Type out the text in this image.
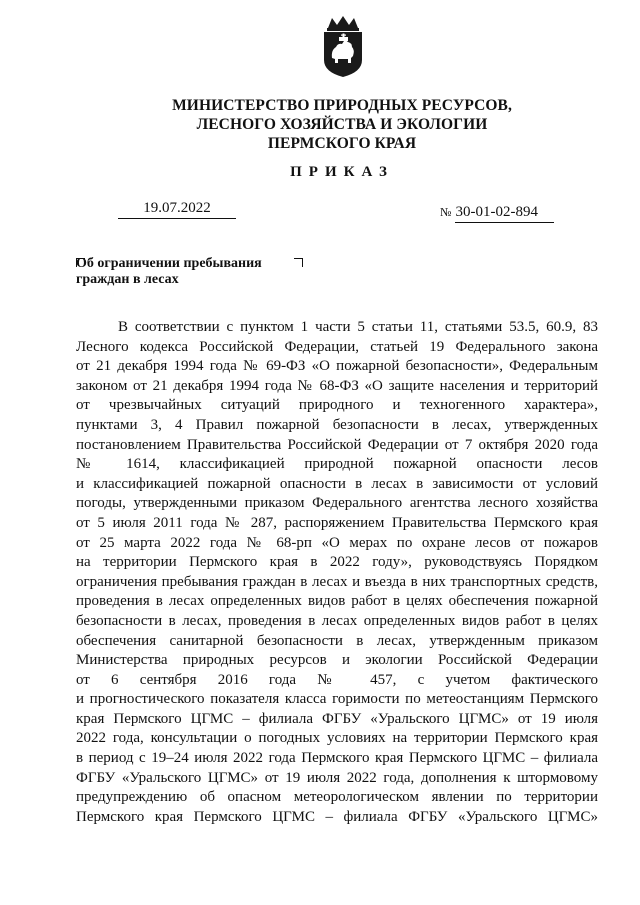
МИНИСТЕРСТВО ПРИРОДНЫХ РЕСУРСОВ,
ЛЕСНОГО ХОЗЯЙСТВА И ЭКОЛОГИИ
ПЕРМСКОГО КРАЯ
ПРИКАЗ
19.07.2022	№ 30-01-02-894
Об ограничении пребывания
граждан в лесах
В соответствии с пунктом 1 части 5 статьи 11, статьями 53.5, 60.9, 83
Лесного кодекса Российской Федерации, статьей 19 Федерального закона
от 21 декабря 1994 года № 69-ФЗ «О пожарной безопасности», Федеральным
законом от 21 декабря 1994 года № 68-ФЗ «О защите населения и территорий
от чрезвычайных ситуаций природного и техногенного характера»,
пунктами 3, 4 Правил пожарной безопасности в лесах, утвержденных
постановлением Правительства Российской Федерации от 7 октября 2020 года
№ 1614, классификацией природной пожарной опасности лесов
и классификацией пожарной опасности в лесах в зависимости от условий
погоды, утвержденными приказом Федерального агентства лесного хозяйства
от 5 июля 2011 года № 287, распоряжением Правительства Пермского края
от 25 марта 2022 года № 68-рп «О мерах по охране лесов от пожаров
на территории Пермского края в 2022 году», руководствуясь Порядком
ограничения пребывания граждан в лесах и въезда в них транспортных средств,
проведения в лесах определенных видов работ в целях обеспечения пожарной
безопасности в лесах, проведения в лесах определенных видов работ в целях
обеспечения санитарной безопасности в лесах, утвержденным приказом
Министерства природных ресурсов и экологии Российской Федерации
от 6 сентября 2016 года № 457, с учетом фактического
и прогностического показателя класса горимости по метеостанциям Пермского
края Пермского ЦГМС – филиала ФГБУ «Уральского ЦГМС» от 19 июля
2022 года, консультации о погодных условиях на территории Пермского края
в период с 19–24 июля 2022 года Пермского края Пермского ЦГМС – филиала
ФГБУ «Уральского ЦГМС» от 19 июля 2022 года, дополнения к штормовому
предупреждению об опасном метеорологическом явлении по территории
Пермского края Пермского ЦГМС – филиала ФГБУ «Уральского ЦГМС»
